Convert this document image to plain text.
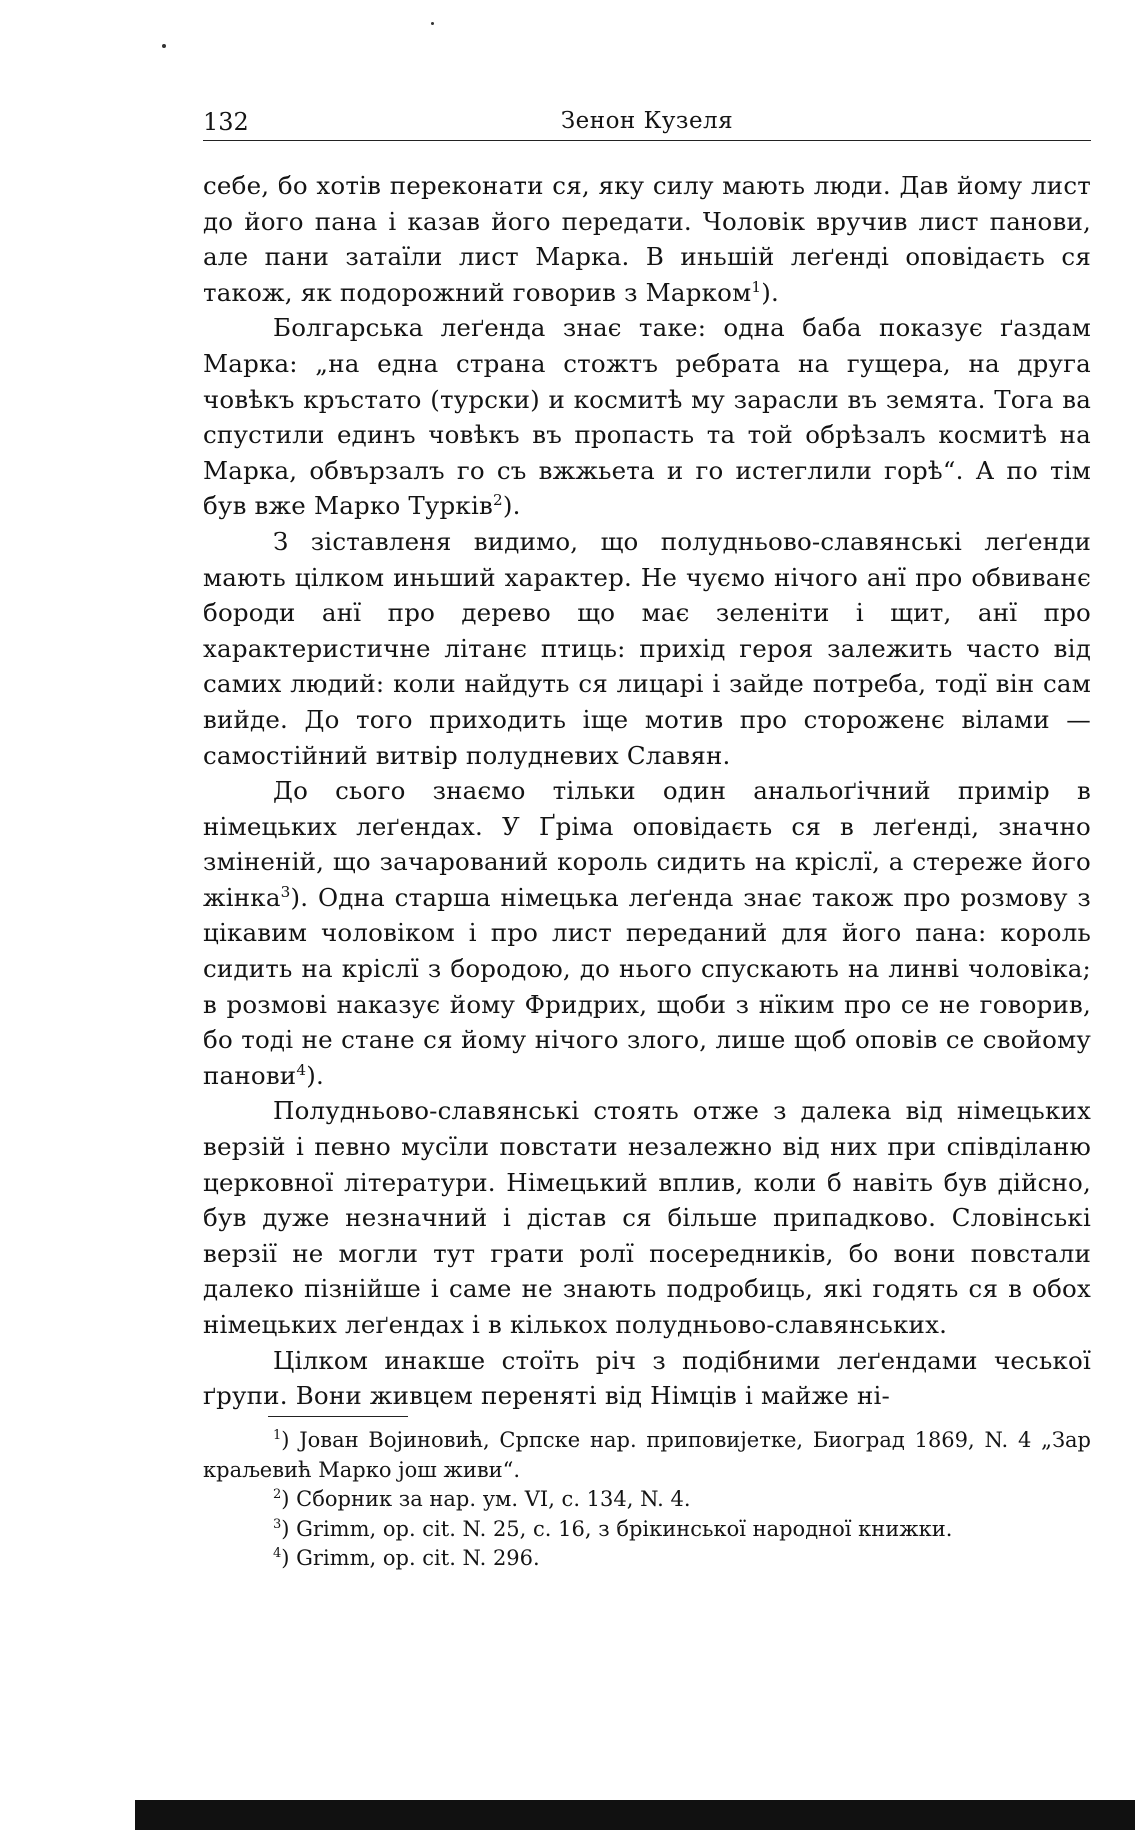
132	Зенон Кузеля

себе, бо хотів переконати ся, яку силу мають люди. Дав йому лист до його пана і казав його передати. Чоловік вручив лист панови, але пани затаїли лист Марка. В иньшій леґенді оповідаєть ся також, як подорожний говорив з Марком$^1$).

Болгарська леґенда знає таке: одна баба показує ґаздам Марка: „на една страна стожтъ ребрата на гущера, на друга човѣкъ кръстато (турски) и космитѣ му зарасли въ земята. Тога ва спустили единъ човѣкъ въ пропасть та той обрѣзалъ космитѣ на Марка, обвързалъ го съ вжжьета и го истеглили горѣ“. А по тім був вже Марко Турків$^2$).

З зіставленя видимо, що полудньово-славянські леґенди мають цілком иньший характер. Не чуємо нічого анї про обвиванє бороди анї про дерево що має зеленіти і щит, анї про характеристичне літанє птиць: прихід героя залежить часто від самих людий: коли найдуть ся лицарі і зайде потреба, тодї він сам вийде. До того приходить іще мотив про стороженє вілами — самостійний витвір полудневих Славян.

До сього знаємо тільки один анальоґічний примір в німецьких леґендах. У Ґріма оповідаєть ся в леґенді, значно зміненій, що зачарований король сидить на кріслї, а стереже його жінка$^3$). Одна старша німецька леґенда знає також про розмову з цікавим чоловіком і про лист переданий для його пана: король сидить на кріслї з бородою, до нього спускають на линві чоловіка; в розмові наказує йому Фридрих, щоби з нїким про се не говорив, бо тоді не стане ся йому нічого злого, лише щоб оповів се свойому панови$^4$).

Полудньово-славянські стоять отже з далека від німецьких верзій і певно мусїли повстати незалежно від них при співділаню церковної літератури. Німецький вплив, коли б навіть був дійсно, був дуже незначний і дістав ся більше припадково. Словінські верзії не могли тут грати ролї посередників, бо вони повстали далеко пізнійше і саме не знають подробиць, які годять ся в обох німецьких леґендах і в кількох полудньово-славянських.

Цілком инакше стоїть річ з подібними леґендами чеської ґрупи. Вони живцем переняті від Німців і майже ні-

$^1$) Јован Војиновић, Српске нар. приповијетке, Биоград 1869, N. 4 „Зар краљевић Марко још живи“.

$^2$) Сборник за нар. ум. VI, с. 134, N. 4.

$^3$) Grimm, op. cit. N. 25, с. 16, з брікинської народної книжки.

$^4$) Grimm, op. cit. N. 296.
